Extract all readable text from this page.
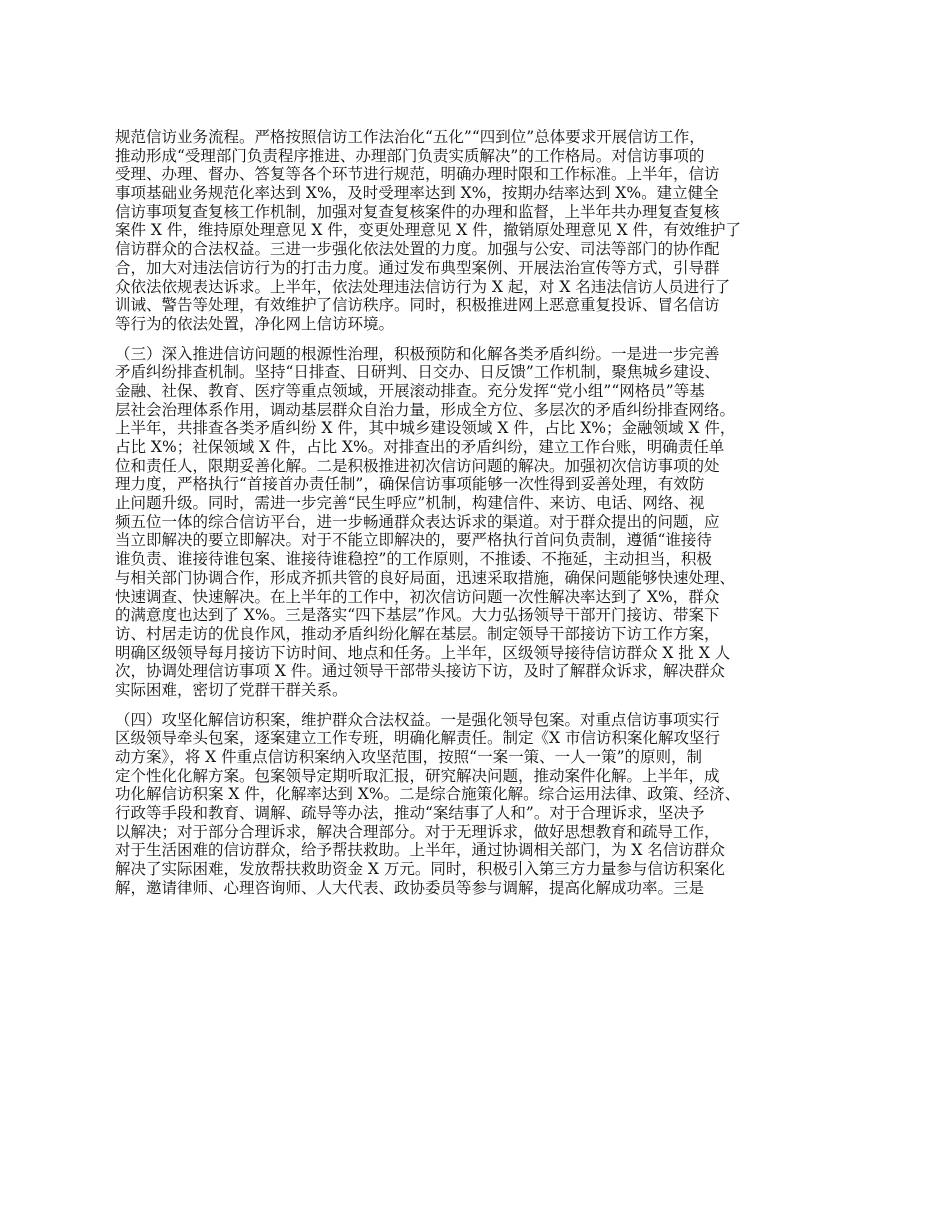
规范信访业务流程。严格按照信访工作法治化“五化”“四到位”总体要求开展信访工作，
推动形成“受理部门负责程序推进、办理部门负责实质解决”的工作格局。对信访事项的
受理、办理、督办、答复等各个环节进行规范，明确办理时限和工作标准。上半年，信访
事项基础业务规范化率达到 X%，及时受理率达到 X%，按期办结率达到 X%。建立健全
信访事项复查复核工作机制，加强对复查复核案件的办理和监督，上半年共办理复查复核
案件 X 件，维持原处理意见 X 件，变更处理意见 X 件，撤销原处理意见 X 件，有效维护了
信访群众的合法权益。三进一步强化依法处置的力度。加强与公安、司法等部门的协作配
合，加大对违法信访行为的打击力度。通过发布典型案例、开展法治宣传等方式，引导群
众依法依规表达诉求。上半年，依法处理违法信访行为 X 起，对 X 名违法信访人员进行了
训诫、警告等处理，有效维护了信访秩序。同时，积极推进网上恶意重复投诉、冒名信访
等行为的依法处置，净化网上信访环境。
（三）深入推进信访问题的根源性治理，积极预防和化解各类矛盾纠纷。一是进一步完善
矛盾纠纷排查机制。坚持“日排查、日研判、日交办、日反馈”工作机制，聚焦城乡建设、
金融、社保、教育、医疗等重点领域，开展滚动排查。充分发挥“党小组”“网格员”等基
层社会治理体系作用，调动基层群众自治力量，形成全方位、多层次的矛盾纠纷排查网络。
上半年，共排查各类矛盾纠纷 X 件，其中城乡建设领域 X 件，占比 X%；金融领域 X 件，
占比 X%；社保领域 X 件，占比 X%。对排查出的矛盾纠纷，建立工作台账，明确责任单
位和责任人，限期妥善化解。二是积极推进初次信访问题的解决。加强初次信访事项的处
理力度，严格执行“首接首办责任制”，确保信访事项能够一次性得到妥善处理，有效防
止问题升级。同时，需进一步完善“民生呼应”机制，构建信件、来访、电话、网络、视
频五位一体的综合信访平台，进一步畅通群众表达诉求的渠道。对于群众提出的问题，应
当立即解决的要立即解决。对于不能立即解决的，要严格执行首问负责制，遵循“谁接待
谁负责、谁接待谁包案、谁接待谁稳控”的工作原则，不推诿、不拖延，主动担当，积极
与相关部门协调合作，形成齐抓共管的良好局面，迅速采取措施，确保问题能够快速处理、
快速调查、快速解决。在上半年的工作中，初次信访问题一次性解决率达到了 X%，群众
的满意度也达到了 X%。三是落实“四下基层”作风。大力弘扬领导干部开门接访、带案下
访、村居走访的优良作风，推动矛盾纠纷化解在基层。制定领导干部接访下访工作方案，
明确区级领导每月接访下访时间、地点和任务。上半年，区级领导接待信访群众 X 批 X 人
次，协调处理信访事项 X 件。通过领导干部带头接访下访，及时了解群众诉求，解决群众
实际困难，密切了党群干群关系。
（四）攻坚化解信访积案，维护群众合法权益。一是强化领导包案。对重点信访事项实行
区级领导牵头包案，逐案建立工作专班，明确化解责任。制定《X 市信访积案化解攻坚行
动方案》，将 X 件重点信访积案纳入攻坚范围，按照“一案一策、一人一策”的原则，制
定个性化化解方案。包案领导定期听取汇报，研究解决问题，推动案件化解。上半年，成
功化解信访积案 X 件，化解率达到 X%。二是综合施策化解。综合运用法律、政策、经济、
行政等手段和教育、调解、疏导等办法，推动“案结事了人和”。对于合理诉求，坚决予
以解决；对于部分合理诉求，解决合理部分。对于无理诉求，做好思想教育和疏导工作，
对于生活困难的信访群众，给予帮扶救助。上半年，通过协调相关部门，为 X 名信访群众
解决了实际困难，发放帮扶救助资金 X 万元。同时，积极引入第三方力量参与信访积案化
解，邀请律师、心理咨询师、人大代表、政协委员等参与调解，提高化解成功率。三是
